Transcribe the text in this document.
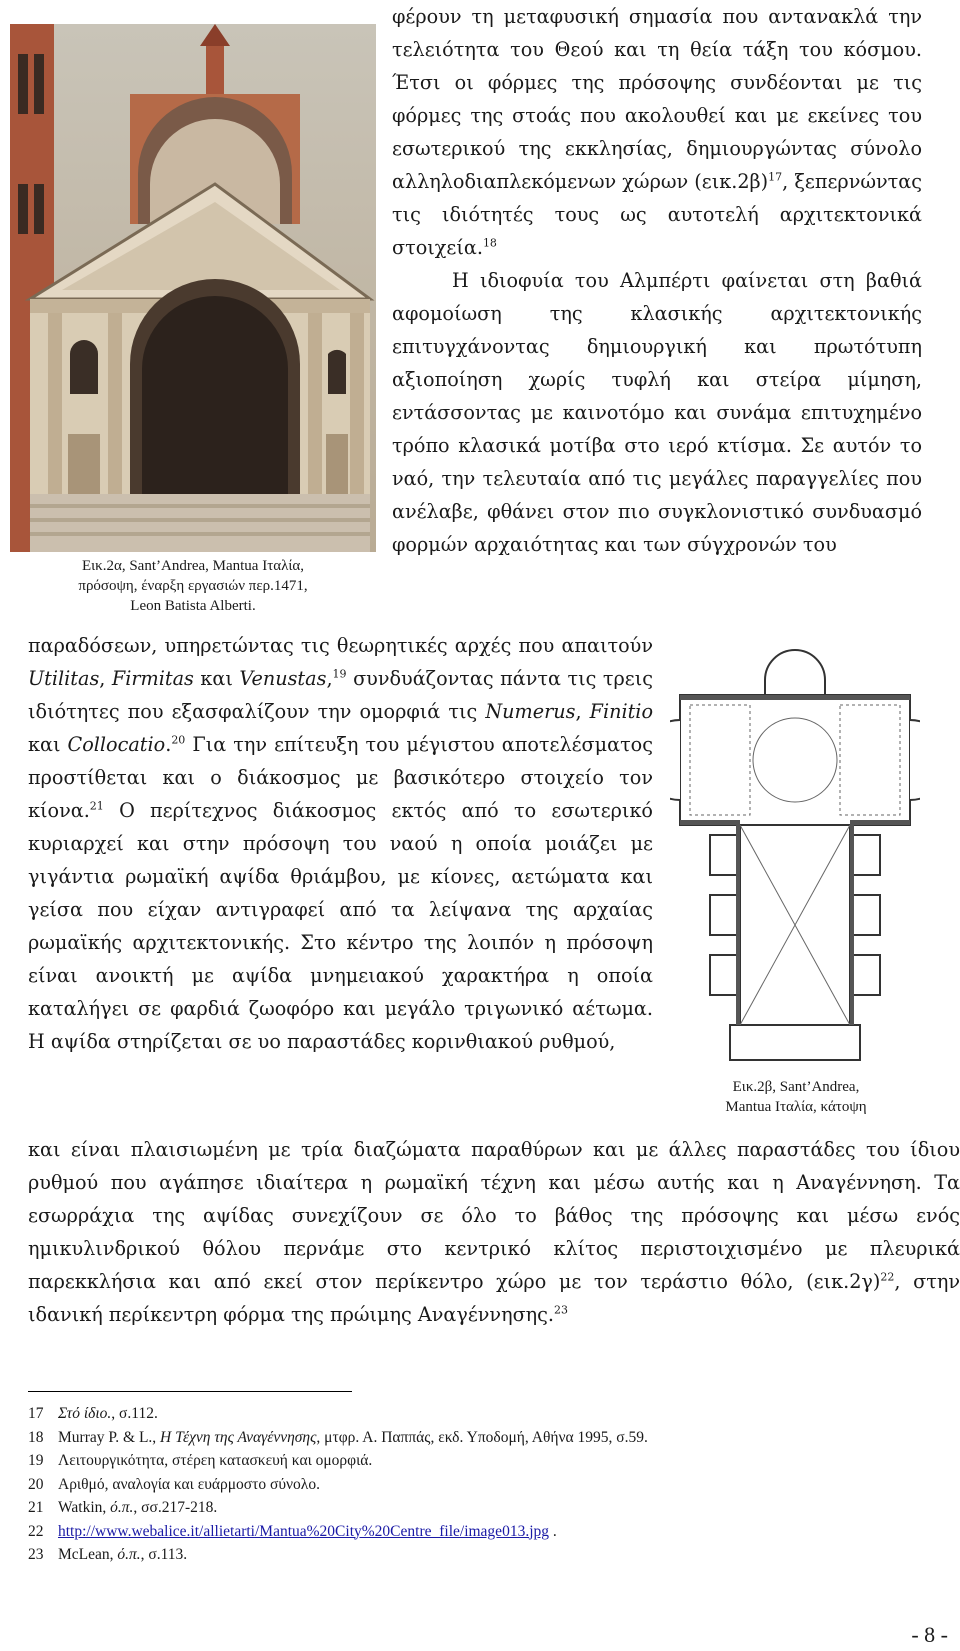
Εικ.2α, Sant’Andrea, Mantua Ιταλία,
πρόσοψη, έναρξη εργασιών περ.1471,
Leon Batista Alberti.

φέρουν τη μεταφυσική σημασία που αντανακλά την τελειότητα του Θεού και τη θεία τάξη του κόσμου. Έτσι οι φόρμες της πρόσοψης συνδέονται με τις φόρμες της στοάς που ακολουθεί και με εκείνες του εσωτερικού της εκκλησίας, δημιουργώντας σύνολο αλληλοδιαπλεκόμενων χώρων $(\varepsilon\iota\kappa.2\beta)^{17}$, ξεπερνώντας τις ιδιότητές τους ως αυτοτελή αρχιτεκτονικά στοιχεία.$^{18}$

Η ιδιοφυία του Αλμπέρτι φαίνεται στη βαθιά αφομοίωση της κλασικής αρχιτεκτονικής επιτυγχάνοντας δημιουργική και πρωτότυπη αξιοποίηση χωρίς τυφλή και στείρα μίμηση, εντάσσοντας με καινοτόμο και συνάμα επιτυχημένο τρόπο κλασικά μοτίβα στο ιερό κτίσμα. Σε αυτόν το ναό, την τελευταία από τις μεγάλες παραγγελίες που ανέλαβε, φθάνει στον πιο συγκλονιστικό συνδυασμό φορμών αρχαιότητας και των σύγχρονών του

παραδόσεων, υπηρετώντας τις θεωρητικές αρχές που απαιτούν Utilitas, Firmitas και Venustas,$^{19}$ συνδυάζοντας πάντα τις τρεις ιδιότητες που εξασφαλίζουν την ομορφιά τις Numerus, Finitio και Collocatio.$^{20}$ Για την επίτευξη του μέγιστου αποτελέσματος προστίθεται και ο διάκοσμος με βασικότερο στοιχείο τον κίονα.$^{21}$ Ο περίτεχνος διάκοσμος εκτός από το εσωτερικό κυριαρχεί και στην πρόσοψη του ναού η οποία μοιάζει με γιγάντια ρωμαϊκή αψίδα θριάμβου, με κίονες, αετώματα και γείσα που είχαν αντιγραφεί από τα λείψανα της αρχαίας ρωμαϊκής αρχιτεκτονικής. Στο κέντρο της λοιπόν η πρόσοψη είναι ανοικτή με αψίδα μνημειακού χαρακτήρα η οποία καταλήγει σε φαρδιά ζωοφόρο και μεγάλο τριγωνικό αέτωμα. Η αψίδα στηρίζεται σε υο παραστάδες κορινθιακού ρυθμού,

Εικ.2β, Sant’Andrea,
Mantua Ιταλία, κάτοψη

και είναι πλαισιωμένη με τρία διαζώματα παραθύρων και με άλλες παραστάδες του ίδιου ρυθμού που αγάπησε ιδιαίτερα η ρωμαϊκή τέχνη και μέσω αυτής και η Αναγέννηση. Τα εσωρράχια της αψίδας συνεχίζουν σε όλο το βάθος της πρόσοψης και μέσω ενός ημικυλινδρικού θόλου περνάμε στο κεντρικό κλίτος περιστοιχισμένο με πλευρικά παρεκκλήσια και από εκεί στον περίκεντρο χώρο με τον τεράστιο θόλο, $(\varepsilon\iota\kappa.2\gamma)^{22}$, στην ιδανική περίκεντρη φόρμα της πρώιμης Αναγέννησης.$^{23}$

17 Στό ίδιο., σ.112.
18 Murray P. & L., Η Τέχνη της Αναγέννησης, μτφρ. Α. Παππάς, εκδ. Υποδομή, Αθήνα 1995, σ.59.
19 Λειτουργικότητα, στέρεη κατασκευή και ομορφιά.
20 Αριθμό, αναλογία και ευάρμοστο σύνολο.
21 Watkin, ό.π., σσ.217-218.
22 http://www.webalice.it/allietarti/Mantua%20City%20Centre_file/image013.jpg .
23 McLean, ό.π., σ.113.
- 8 -
